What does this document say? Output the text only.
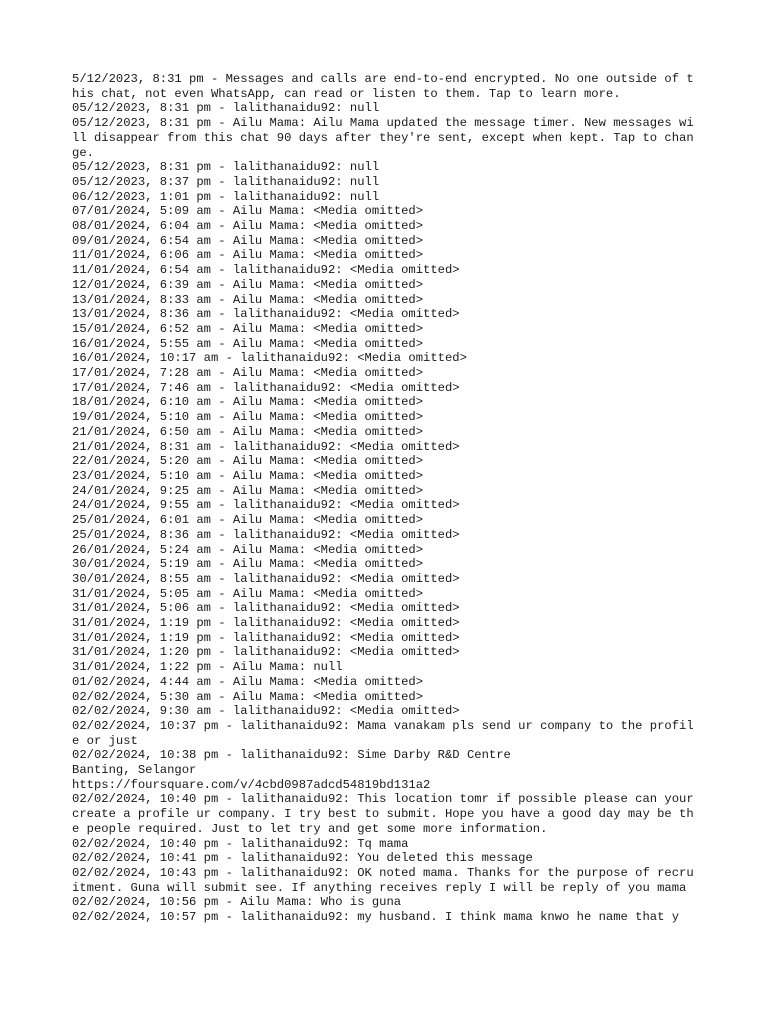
5/12/2023, 8:31 pm - Messages and calls are end-to-end encrypted. No one outside of this chat, not even WhatsApp, can read or listen to them. Tap to learn more.
05/12/2023, 8:31 pm - lalithanaidu92: null
05/12/2023, 8:31 pm - Ailu Mama: Ailu Mama updated the message timer. New messages will disappear from this chat 90 days after they're sent, except when kept. Tap to change.
05/12/2023, 8:31 pm - lalithanaidu92: null
05/12/2023, 8:37 pm - lalithanaidu92: null
06/12/2023, 1:01 pm - lalithanaidu92: null
07/01/2024, 5:09 am - Ailu Mama: <Media omitted>
08/01/2024, 6:04 am - Ailu Mama: <Media omitted>
09/01/2024, 6:54 am - Ailu Mama: <Media omitted>
11/01/2024, 6:06 am - Ailu Mama: <Media omitted>
11/01/2024, 6:54 am - lalithanaidu92: <Media omitted>
12/01/2024, 6:39 am - Ailu Mama: <Media omitted>
13/01/2024, 8:33 am - Ailu Mama: <Media omitted>
13/01/2024, 8:36 am - lalithanaidu92: <Media omitted>
15/01/2024, 6:52 am - Ailu Mama: <Media omitted>
16/01/2024, 5:55 am - Ailu Mama: <Media omitted>
16/01/2024, 10:17 am - lalithanaidu92: <Media omitted>
17/01/2024, 7:28 am - Ailu Mama: <Media omitted>
17/01/2024, 7:46 am - lalithanaidu92: <Media omitted>
18/01/2024, 6:10 am - Ailu Mama: <Media omitted>
19/01/2024, 5:10 am - Ailu Mama: <Media omitted>
21/01/2024, 6:50 am - Ailu Mama: <Media omitted>
21/01/2024, 8:31 am - lalithanaidu92: <Media omitted>
22/01/2024, 5:20 am - Ailu Mama: <Media omitted>
23/01/2024, 5:10 am - Ailu Mama: <Media omitted>
24/01/2024, 9:25 am - Ailu Mama: <Media omitted>
24/01/2024, 9:55 am - lalithanaidu92: <Media omitted>
25/01/2024, 6:01 am - Ailu Mama: <Media omitted>
25/01/2024, 8:36 am - lalithanaidu92: <Media omitted>
26/01/2024, 5:24 am - Ailu Mama: <Media omitted>
30/01/2024, 5:19 am - Ailu Mama: <Media omitted>
30/01/2024, 8:55 am - lalithanaidu92: <Media omitted>
31/01/2024, 5:05 am - Ailu Mama: <Media omitted>
31/01/2024, 5:06 am - lalithanaidu92: <Media omitted>
31/01/2024, 1:19 pm - lalithanaidu92: <Media omitted>
31/01/2024, 1:19 pm - lalithanaidu92: <Media omitted>
31/01/2024, 1:20 pm - lalithanaidu92: <Media omitted>
31/01/2024, 1:22 pm - Ailu Mama: null
01/02/2024, 4:44 am - Ailu Mama: <Media omitted>
02/02/2024, 5:30 am - Ailu Mama: <Media omitted>
02/02/2024, 9:30 am - lalithanaidu92: <Media omitted>
02/02/2024, 10:37 pm - lalithanaidu92: Mama vanakam pls send ur company to the profile or just
02/02/2024, 10:38 pm - lalithanaidu92: Sime Darby R&D Centre
Banting, Selangor
https://foursquare.com/v/4cbd0987adcd54819bd131a2
02/02/2024, 10:40 pm - lalithanaidu92: This location tomr if possible please can your create a profile ur company. I try best to submit. Hope you have a good day may be the people required. Just to let try and get some more information.
02/02/2024, 10:40 pm - lalithanaidu92: Tq mama
02/02/2024, 10:41 pm - lalithanaidu92: You deleted this message
02/02/2024, 10:43 pm - lalithanaidu92: OK noted mama. Thanks for the purpose of recruitment. Guna will submit see. If anything receives reply I will be reply of you mama
02/02/2024, 10:56 pm - Ailu Mama: Who is guna
02/02/2024, 10:57 pm - lalithanaidu92: my husband. I think mama knwo he name that y
